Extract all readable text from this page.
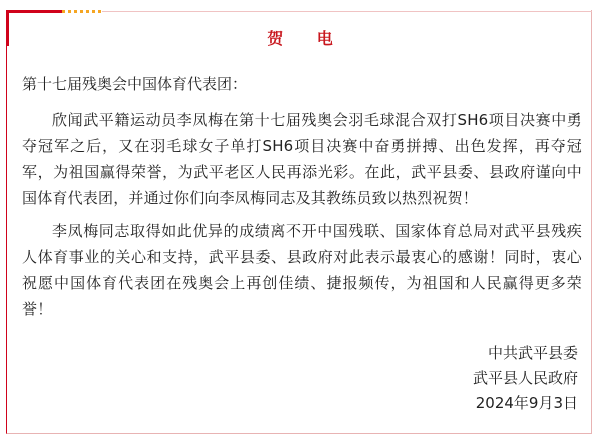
贺 电
第十七届残奥会中国体育代表团：
欣闻武平籍运动员李凤梅在第十七届残奥会羽毛球混合双打SH6项目决赛中勇夺冠军之后，又在羽毛球女子单打SH6项目决赛中奋勇拼搏、出色发挥，再夺冠军，为祖国赢得荣誉，为武平老区人民再添光彩。在此，武平县委、县政府谨向中国体育代表团，并通过你们向李凤梅同志及其教练员致以热烈祝贺！
李凤梅同志取得如此优异的成绩离不开中国残联、国家体育总局对武平县残疾人体育事业的关心和支持，武平县委、县政府对此表示最衷心的感谢！同时，衷心祝愿中国体育代表团在残奥会上再创佳绩、捷报频传，为祖国和人民赢得更多荣誉！
中共武平县委
武平县人民政府
2024年9月3日
